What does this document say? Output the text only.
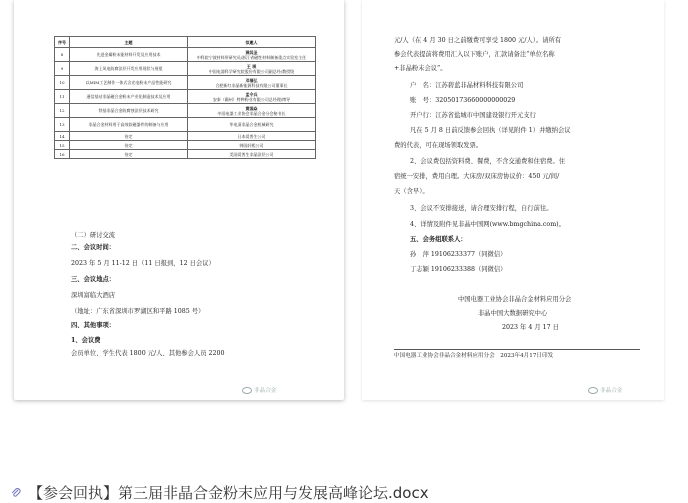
序号	主题	拟邀人
8	先进金属粉末能材料开发及应用技术	满其圣
中科院宁波材料所研究员/浙江省磁性材料制备重点实验室主任
9	海上风电防腐涂层开发应用现状与展望	王 瑛
中国电器科学研究院股份有限公司副总经/教授级
10	以MIM工艺制作一体式含光电粉末产品性能研究	邓福弘
合肥新红非晶新能源科技有限公司董事长
11	通信基站非晶磁合金粉末产业化制造技术及应用	孟令兵
安泰（霸州）特种粉业有限公司总经理/博导
12	铁基非晶合金防腐蚀涂层技术研究	黄国焱
中国电器工业协会非晶合金分会秘书长
13	非晶合金材料用于高效软磁器件的制备与应用	华电清非晶合金机械研究
14	待定	日本爱普生公司
15	待定	韩国轩熙公司
16	待定	美国爱普生非晶涂层公司
（二）研讨交流
二、会议时间：
2023 年 5 月 11-12 日（11 日报到，12 日会议）
三、会议地点：
深圳富临大酒店
（地址：广东省深圳市罗湖区和平路 1085 号）
四、其他事项：
1、会议费
会员单位、学生代表 1800 元/人、其他参会人员 2200
非晶合金
元/人（在 4 月 30 日之前缴费可享受 1800 元/人）。请所有
参会代表提前将费用汇入以下账户，汇款请备注“单位名称
+非晶粉末会议”。
户　名：江苏碧蓝非晶材料科技有限公司
账　号：32050173660000000029
开户行：江苏省盐城市中国建设银行开元支行
凡在 5 月 8 日前反馈参会回执（详见附件 1）并缴纳会议
费的代表，可在现场领取发票。
2、会议费包括资料费、餐费，不含交通费和住宿费。住
宿统一安排，费用自理。大床房/双床房协议价：450 元/间/
天（含早）。
3、会议不安排接送，请合理安排行程，自行前往。
4、详情及附件见非晶中国网(www.bmgchina.com)。
五、会务组联系人：
孙　萍 19106233377（同微信）
丁志颖 19106233388（同微信）
中国电器工业协会非晶合金材料应用分会
非晶中国大数据研究中心
2023 年 4 月 17 日
中国电器工业协会非晶合金材料应用分会　2023年4月17日印发
非晶合金
【参会回执】第三届非晶合金粉末应用与发展高峰论坛.docx
